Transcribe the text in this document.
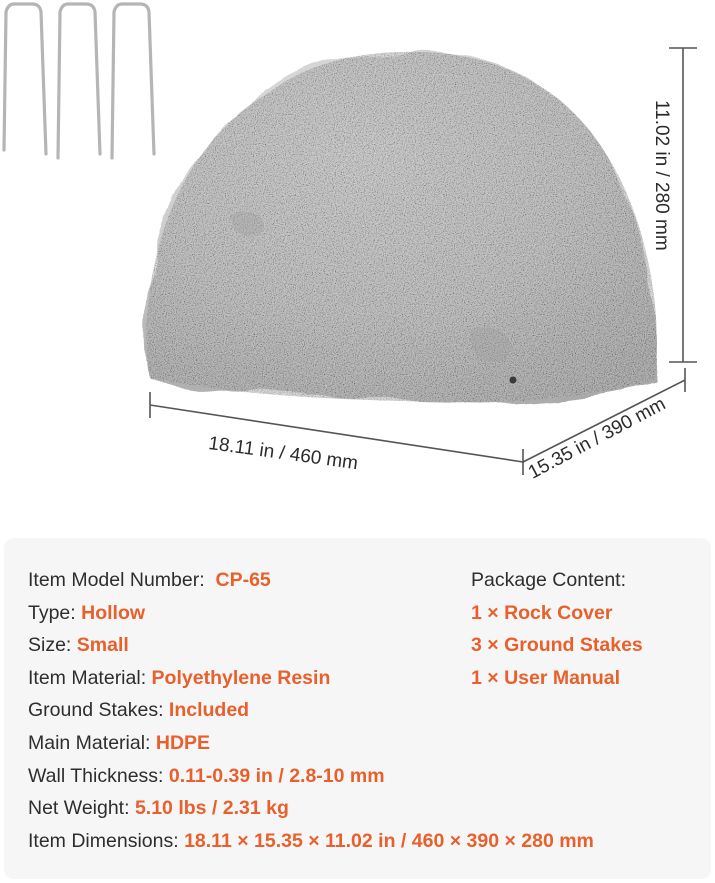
18.11 in / 460 mm	15.35 in / 390 mm
11.02 in / 280 mm
Item Model Number: CP-65
Type: Hollow
Size: Small
Item Material: Polyethylene Resin
Ground Stakes: Included
Main Material: HDPE
Wall Thickness: 0.11-0.39 in / 2.8-10 mm
Net Weight: 5.10 lbs / 2.31 kg
Item Dimensions: 18.11 × 15.35 × 11.02 in / 460 × 390 × 280 mm
Package Content:
1 × Rock Cover
3 × Ground Stakes
1 × User Manual
